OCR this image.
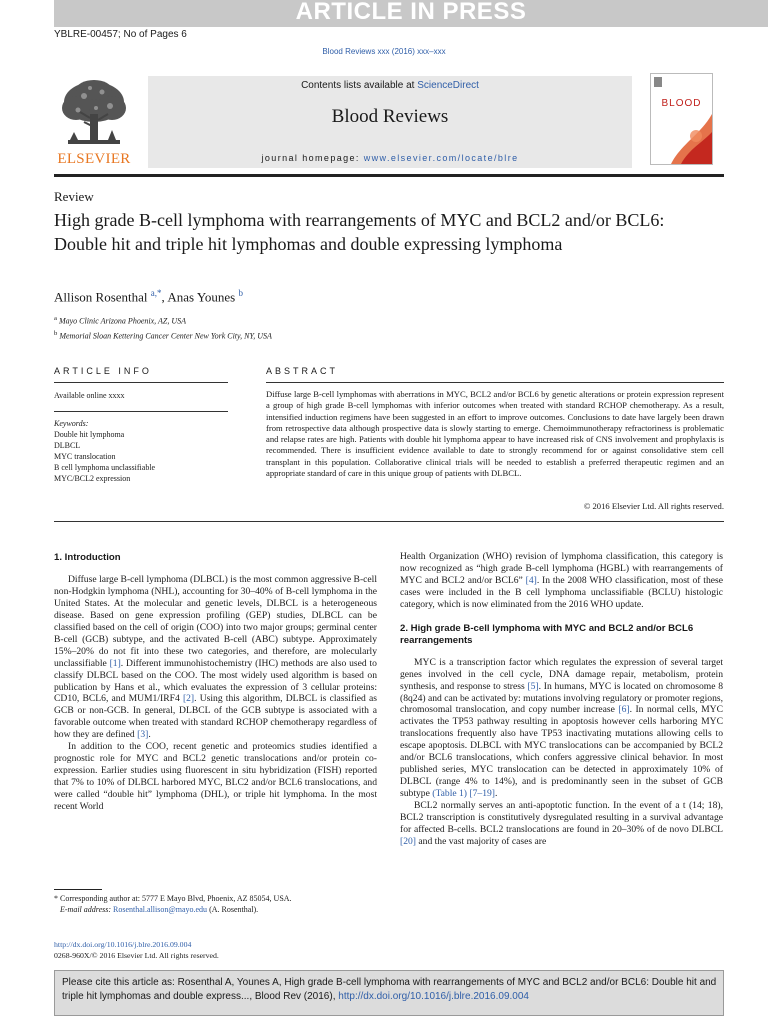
ARTICLE IN PRESS
YBLRE-00457; No of Pages 6
Blood Reviews xxx (2016) xxx–xxx
ELSEVIER
Contents lists available at ScienceDirect
Blood Reviews
journal homepage: www.elsevier.com/locate/blre
BLOOD
Review
High grade B-cell lymphoma with rearrangements of MYC and BCL2 and/or BCL6: Double hit and triple hit lymphomas and double expressing lymphoma
Allison Rosenthal $^{a,*}$, Anas Younes $^b$
$^a$ Mayo Clinic Arizona Phoenix, AZ, USA
$^b$ Memorial Sloan Kettering Cancer Center New York City, NY, USA
ARTICLE INFO	ABSTRACT
Available online xxxx
Keywords:
Double hit lymphoma
DLBCL
MYC translocation
B cell lymphoma unclassifiable
MYC/BCL2 expression
Diffuse large B-cell lymphomas with aberrations in MYC, BCL2 and/or BCL6 by genetic alterations or protein expression represent a group of high grade B-cell lymphomas with inferior outcomes when treated with standard RCHOP chemotherapy. As a result, intensified induction regimens have been suggested in an effort to improve outcomes. Conclusions to date have largely been drawn from retrospective data although prospective data is slowly starting to emerge. Chemoimmunotherapy refractoriness is problematic and relapse rates are high. Patients with double hit lymphoma appear to have increased risk of CNS involvement and prophylaxis is recommended. There is insufficient evidence available to date to strongly recommend for or against consolidative stem cell transplant in this population. Collaborative clinical trials will be needed to establish a preferred therapeutic regimen and an appropriate standard of care in this unique group of patients with DLBCL.
© 2016 Elsevier Ltd. All rights reserved.
1. Introduction

Diffuse large B-cell lymphoma (DLBCL) is the most common aggressive B-cell non-Hodgkin lymphoma (NHL), accounting for 30–40% of B-cell lymphoma in the United States. At the molecular and genetic levels, DLBCL is a heterogeneous disease. Based on gene expression profiling (GEP) studies, DLBCL can be classified based on the cell of origin (COO) into two major groups; germinal center B-cell (GCB) subtype, and the activated B-cell (ABC) subtype. Approximately 15%–20% do not fit into these two categories, and therefore, are molecularly unclassifiable [1]. Different immunohistochemistry (IHC) methods are also used to classify DLBCL based on the COO. The most widely used algorithm is based on publication by Hans et al., which evaluates the expression of 3 cellular proteins: CD10, BCL6, and MUM1/IRF4 [2]. Using this algorithm, DLBCL is classified as GCB or non-GCB. In general, DLBCL of the GCB subtype is associated with a favorable outcome when treated with standard RCHOP chemotherapy regardless of how they are defined [3].

In addition to the COO, recent genetic and proteomics studies identified a prognostic role for MYC and BCL2 genetic translocations and/or protein co-expression. Earlier studies using fluorescent in situ hybridization (FISH) reported that 7% to 10% of DLBCL harbored MYC, BLC2 and/or BCL6 translocations, and were called “double hit” lymphoma (DHL), or triple hit lymphoma. In the most recent World

Health Organization (WHO) revision of lymphoma classification, this category is now recognized as “high grade B-cell lymphoma (HGBL) with rearrangements of MYC and BCL2 and/or BCL6” [4]. In the 2008 WHO classification, most of these cases were included in the B cell lymphoma unclassifiable (BCLU) histologic category, which is now eliminated from the 2016 WHO update.

2. High grade B-cell lymphoma with MYC and BCL2 and/or BCL6 rearrangements

MYC is a transcription factor which regulates the expression of several target genes involved in the cell cycle, DNA damage repair, metabolism, protein synthesis, and response to stress [5]. In humans, MYC is located on chromosome 8 (8q24) and can be activated by: mutations involving regulatory or promoter regions, chromosomal translocation, and copy number increase [6]. In normal cells, MYC activates the TP53 pathway resulting in apoptosis however cells harboring MYC translocations frequently also have TP53 inactivating mutations allowing cells to escape apoptosis. DLBCL with MYC translocations can be accompanied by BCL2 and/or BCL6 translocations, which confers aggressive clinical behavior. In most published series, MYC translocation can be detected in approximately 10% of DLBCL (range 4% to 14%), and is predominantly seen in the subset of GCB subtype (Table 1) [7–19].

BCL2 normally serves an anti-apoptotic function. In the event of a t (14; 18), BCL2 transcription is constitutively dysregulated resulting in a survival advantage for affected B-cells. BCL2 translocations are found in 20–30% of de novo DLBCL [20] and the vast majority of cases are

* Corresponding author at: 5777 E Mayo Blvd, Phoenix, AZ 85054, USA.
E-mail address: Rosenthal.allison@mayo.edu (A. Rosenthal).
http://dx.doi.org/10.1016/j.blre.2016.09.004
0268-960X/© 2016 Elsevier Ltd. All rights reserved.
Please cite this article as: Rosenthal A, Younes A, High grade B-cell lymphoma with rearrangements of MYC and BCL2 and/or BCL6: Double hit and triple hit lymphomas and double express..., Blood Rev (2016), http://dx.doi.org/10.1016/j.blre.2016.09.004
